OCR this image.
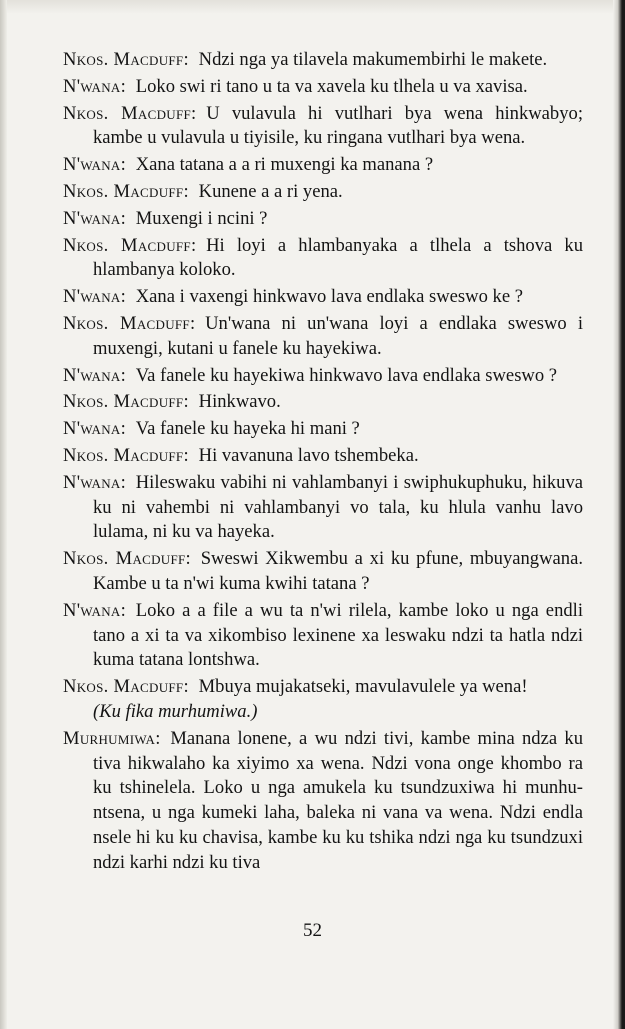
Nkos. Macduff: Ndzi nga ya tilavela makumembirhi le makete.

N'wana: Loko swi ri tano u ta va xavela ku tlhela u va xavisa.

Nkos. Macduff: U vulavula hi vutlhari bya wena hinkwabyo; kambe u vulavula u tiyisile, ku ringana vutlhari bya wena.

N'wana: Xana tatana a a ri muxengi ka manana ?

Nkos. Macduff: Kunene a a ri yena.

N'wana: Muxengi i ncini ?

Nkos. Macduff: Hi loyi a hlambanyaka a tlhela a tshova ku hlambanya koloko.

N'wana: Xana i vaxengi hinkwavo lava endlaka sweswo ke ?

Nkos. Macduff: Un'wana ni un'wana loyi a endlaka sweswo i muxengi, kutani u fanele ku hayekiwa.

N'wana: Va fanele ku hayekiwa hinkwavo lava endlaka sweswo ?

Nkos. Macduff: Hinkwavo.

N'wana: Va fanele ku hayeka hi mani ?

Nkos. Macduff: Hi vavanuna lavo tshembeka.

N'wana: Hileswaku vabihi ni vahlambanyi i swiphukuphuku, hikuva ku ni vahembi ni vahlambanyi vo tala, ku hlula vanhu lavo lulama, ni ku va hayeka.

Nkos. Macduff: Sweswi Xikwembu a xi ku pfune, mbuyangwana. Kambe u ta n'wi kuma kwihi tatana ?

N'wana: Loko a a file a wu ta n'wi rilela, kambe loko u nga endli tano a xi ta va xikombiso lexinene xa leswaku ndzi ta hatla ndzi kuma tatana lontshwa.

Nkos. Macduff: Mbuya mujakatseki, mavulavulele ya wena!
(Ku fika murhumiwa.)

Murhumiwa: Manana lonene, a wu ndzi tivi, kambe mina ndza ku tiva hikwalaho ka xiyimo xa wena. Ndzi vona onge khombo ra ku tshinelela. Loko u nga amukela ku tsundzuxiwa hi munhu-ntsena, u nga kumeki laha, baleka ni vana va wena. Ndzi endla nsele hi ku ku chavisa, kambe ku ku tshika ndzi nga ku tsundzuxi ndzi karhi ndzi ku tiva

52
